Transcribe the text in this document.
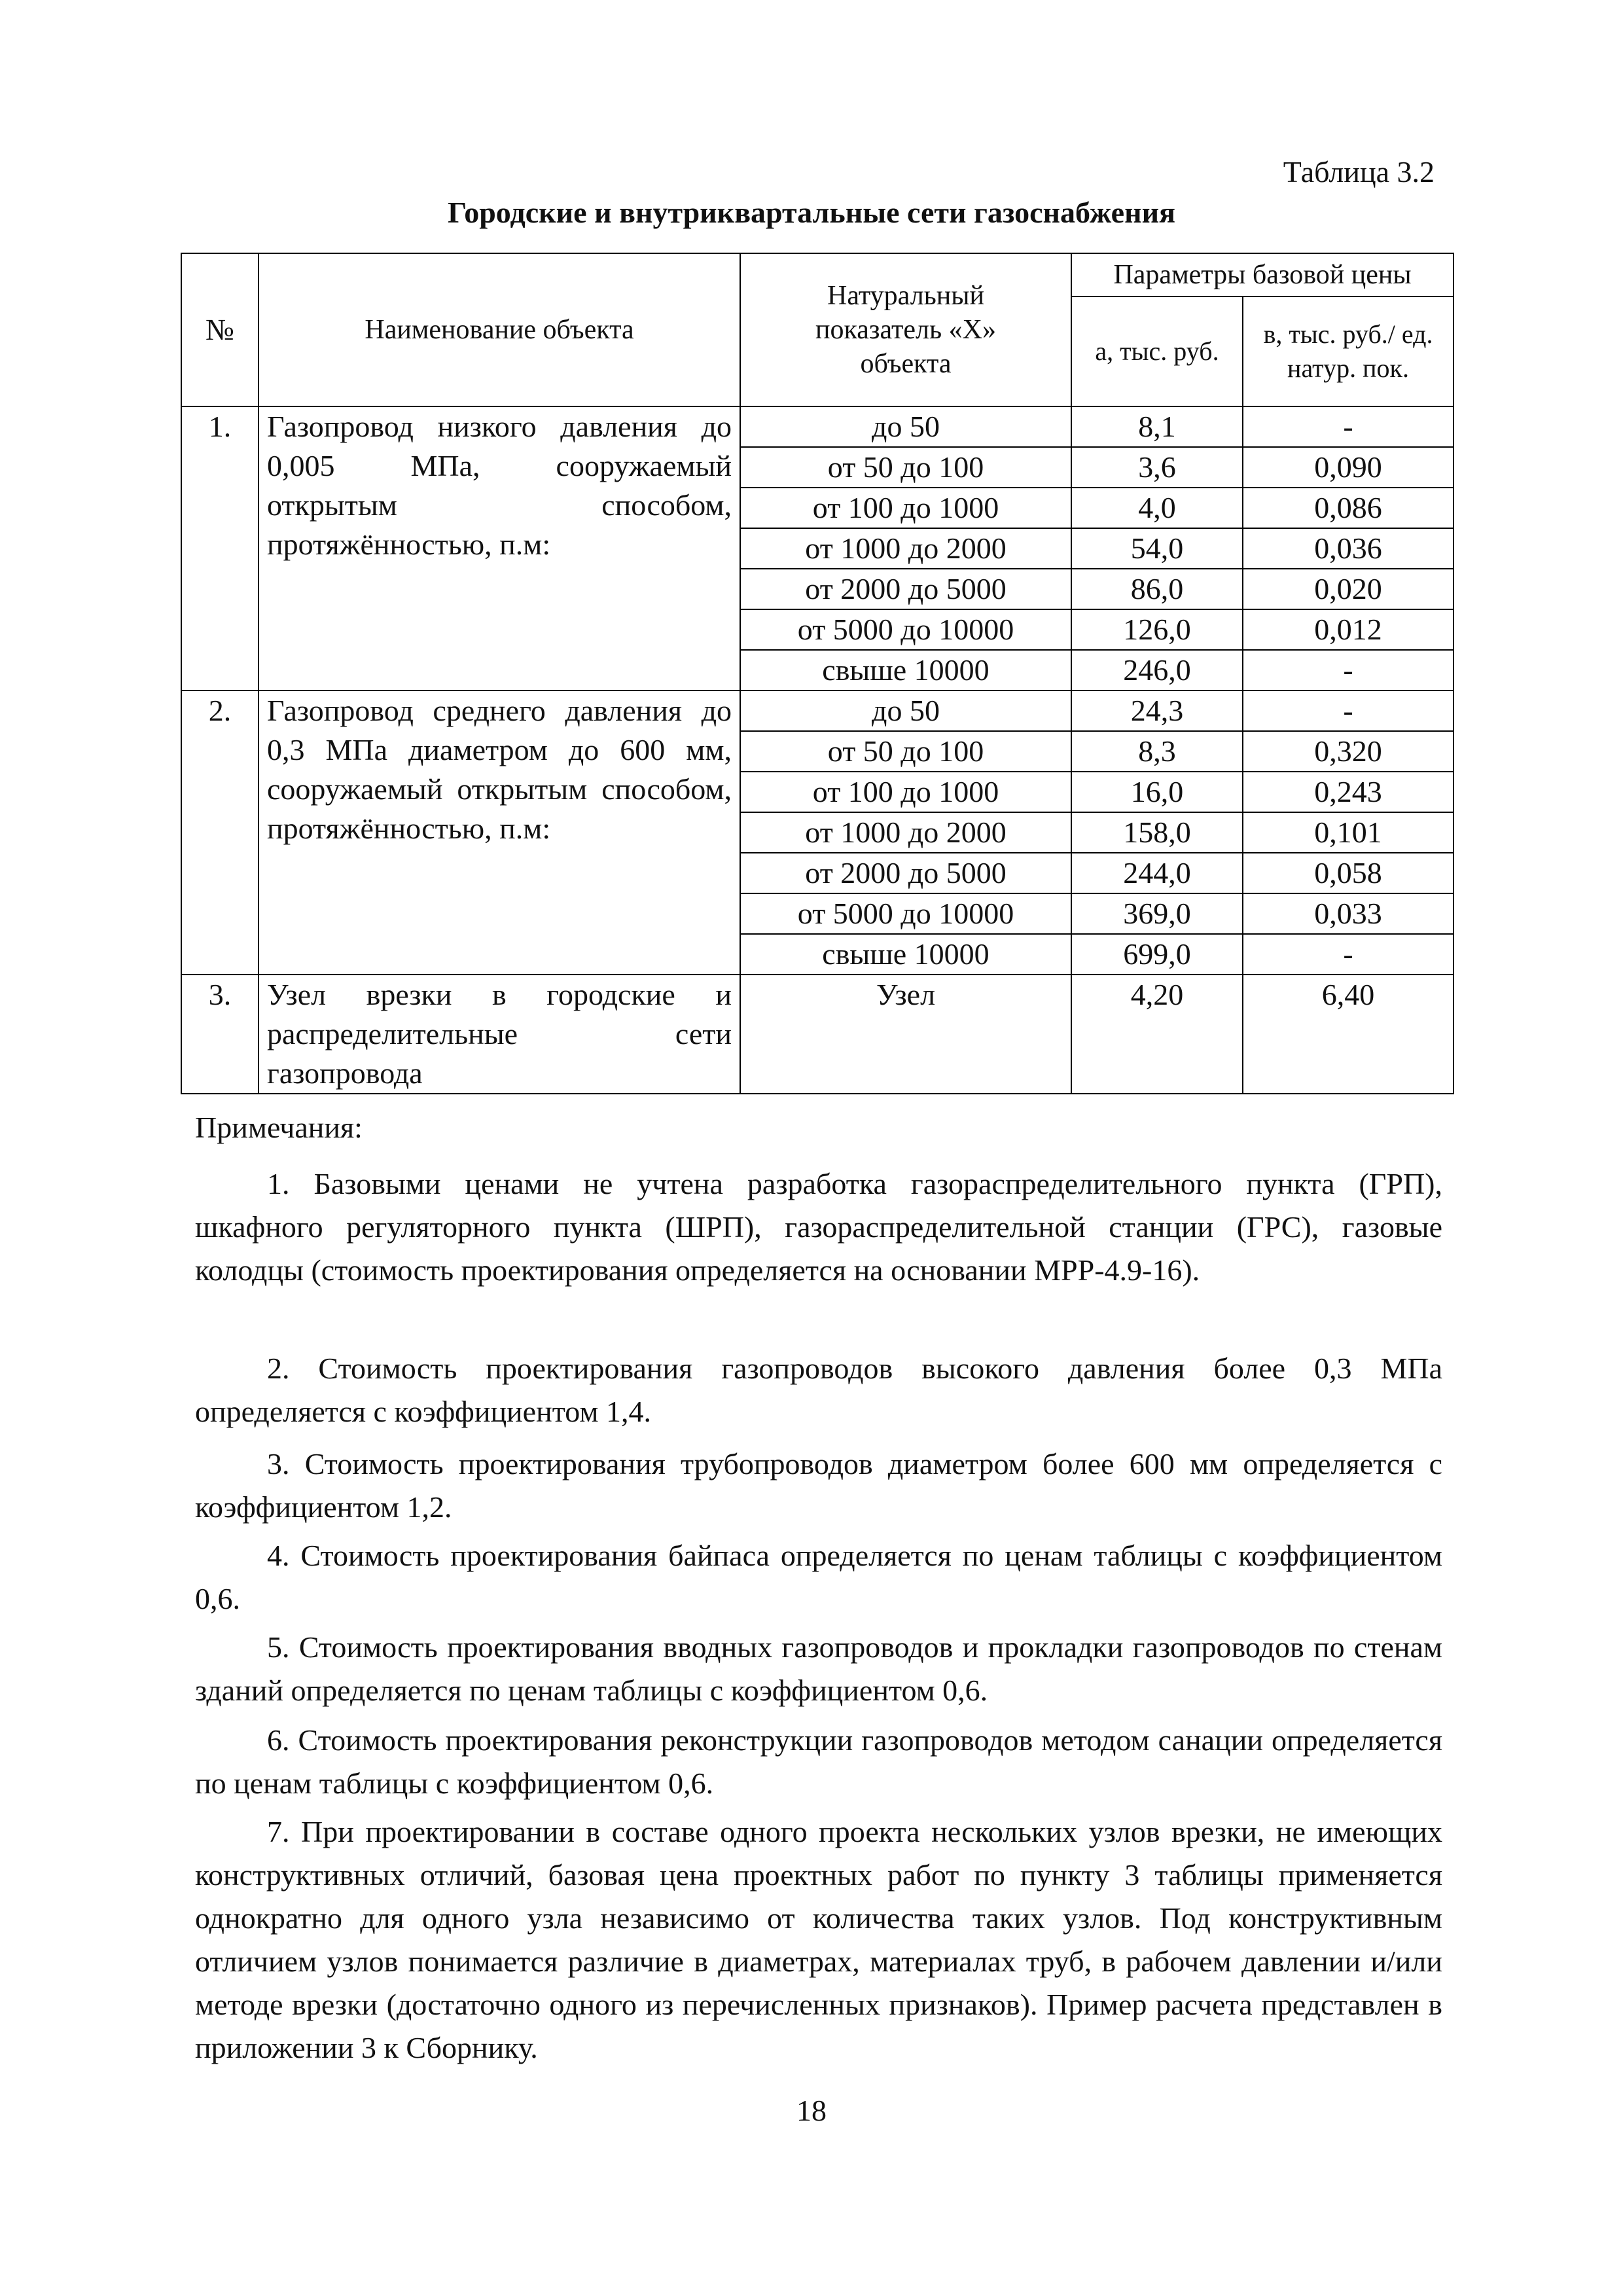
Таблица 3.2
Городские и внутриквартальные сети газоснабжения
№	Наименование объекта	Натуральный показатель «X» объекта	Параметры базовой цены	
			a, тыс. руб.	в, тыс. руб./ ед. натур. пок.
1.	Газопровод низкого давления до 0,005 МПа, сооружаемый открытым способом, протяжённостью, п.м:	до 50	8,1	-
		от 50 до 100	3,6	0,090
		от 100 до 1000	4,0	0,086
		от 1000 до 2000	54,0	0,036
		от 2000 до 5000	86,0	0,020
		от 5000 до 10000	126,0	0,012
		свыше 10000	246,0	-
2.	Газопровод среднего давления до 0,3 МПа диаметром до 600 мм, сооружаемый открытым способом, протяжённостью, п.м:	до 50	24,3	-
		от 50 до 100	8,3	0,320
		от 100 до 1000	16,0	0,243
		от 1000 до 2000	158,0	0,101
		от 2000 до 5000	244,0	0,058
		от 5000 до 10000	369,0	0,033
		свыше 10000	699,0	-
3.	Узел врезки в городские и распределительные сети газопровода	Узел	4,20	6,40
Примечания:
1. Базовыми ценами не учтена разработка газораспределительного пункта (ГРП), шкафного регуляторного пункта (ШРП), газораспределительной станции (ГРС), газовые колодцы (стоимость проектирования определяется на основании МРР-4.9-16).
2. Стоимость проектирования газопроводов высокого давления более 0,3 МПа определяется с коэффициентом 1,4.
3. Стоимость проектирования трубопроводов диаметром более 600 мм определяется с коэффициентом 1,2.
4. Стоимость проектирования байпаса определяется по ценам таблицы с коэффициентом 0,6.
5. Стоимость проектирования вводных газопроводов и прокладки газопроводов по стенам зданий определяется по ценам таблицы с коэффициентом 0,6.
6. Стоимость проектирования реконструкции газопроводов методом санации определяется по ценам таблицы с коэффициентом 0,6.
7. При проектировании в составе одного проекта нескольких узлов врезки, не имеющих конструктивных отличий, базовая цена проектных работ по пункту 3 таблицы применяется однократно для одного узла независимо от количества таких узлов. Под конструктивным отличием узлов понимается различие в диаметрах, материалах труб, в рабочем давлении и/или методе врезки (достаточно одного из перечисленных признаков). Пример расчета представлен в приложении 3 к Сборнику.
18
